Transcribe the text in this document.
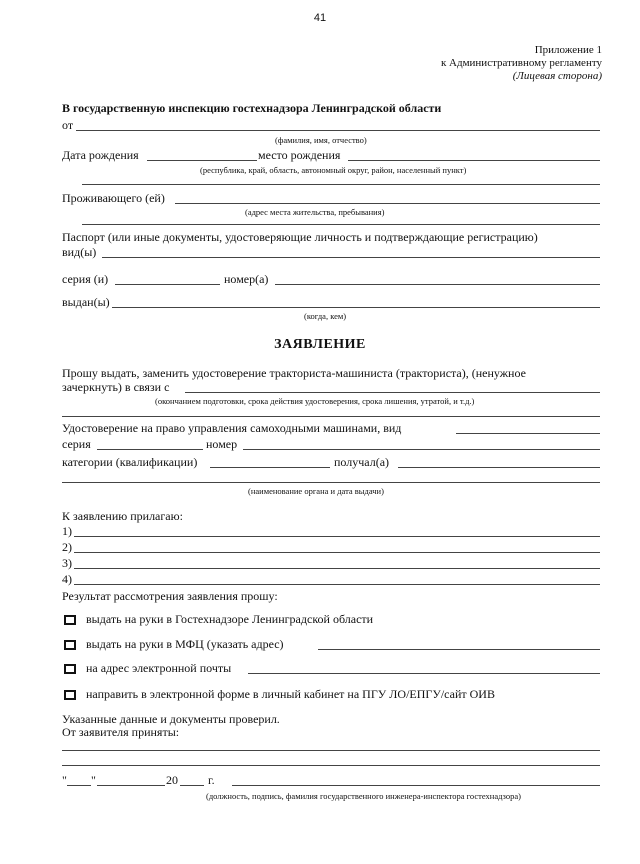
41
Приложение 1
к Административному регламенту
(Лицевая сторона)
В государственную инспекцию гостехнадзора Ленинградской области
от
(фамилия, имя, отчество)
Дата рождения	место рождения
(республика, край, область, автономный округ, район, населенный пункт)
Проживающего (ей)
(адрес места жительства, пребывания)
Паспорт (или иные документы, удостоверяющие личность и подтверждающие регистрацию)
вид(ы)
серия (и)	номер(а)
выдан(ы)
(когда, кем)
ЗАЯВЛЕНИЕ
Прошу выдать, заменить удостоверение тракториста-машиниста (тракториста), (ненужное
зачеркнуть) в связи с
(окончанием подготовки, срока действия удостоверения, срока лишения, утратой, и т.д.)
Удостоверение на право управления самоходными машинами, вид
серия	номер
категории (квалификации)	получал(а)
(наименование органа и дата выдачи)
К заявлению прилагаю:
1)
2)
3)
4)
Результат рассмотрения заявления прошу:
выдать на руки в Гостехнадзоре Ленинградской области
выдать на руки в МФЦ (указать адрес)
на адрес электронной почты
направить в электронной форме в личный кабинет на ПГУ ЛО/ЕПГУ/сайт ОИВ
Указанные данные и документы проверил.
От заявителя приняты:
" "	20	г.
(должность, подпись, фамилия государственного инженера-инспектора гостехнадзора)
